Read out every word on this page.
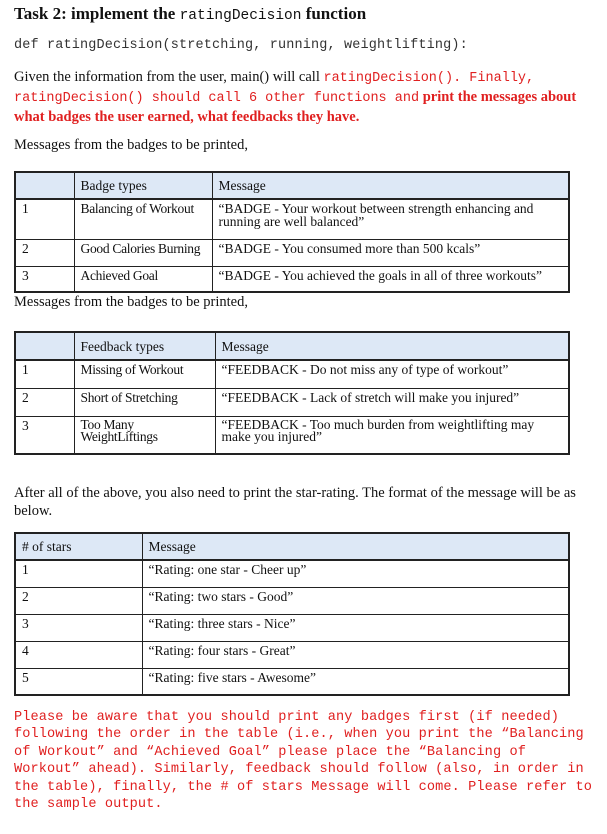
Task 2: implement the ratingDecision function
def ratingDecision(stretching, running, weightlifting):
Given the information from the user, main() will call ratingDecision(). Finally, ratingDecision() should call 6 other functions and print the messages about what badges the user earned, what feedbacks they have.
Messages from the badges to be printed,
	Badge types	Message
1	Balancing of Workout	“BADGE - Your workout between strength enhancing and running are well balanced”
2	Good Calories Burning	“BADGE - You consumed more than 500 kcals”
3	Achieved Goal	“BADGE - You achieved the goals in all of three workouts”
Messages from the badges to be printed,
	Feedback types	Message
1	Missing of Workout	“FEEDBACK - Do not miss any of type of workout”
2	Short of Stretching	“FEEDBACK - Lack of stretch will make you injured”
3	Too Many WeightLiftings	“FEEDBACK - Too much burden from weightlifting may make you injured”
After all of the above, you also need to print the star-rating. The format of the message will be as below.
# of stars	Message
1	“Rating: one star - Cheer up”
2	“Rating: two stars - Good”
3	“Rating: three stars - Nice”
4	“Rating: four stars - Great”
5	“Rating: five stars - Awesome”
Please be aware that you should print any badges first (if needed) following the order in the table (i.e., when you print the “Balancing of Workout” and “Achieved Goal” please place the “Balancing of Workout” ahead). Similarly, feedback should follow (also, in order in the table), finally, the # of stars Message will come. Please refer to the sample output.
